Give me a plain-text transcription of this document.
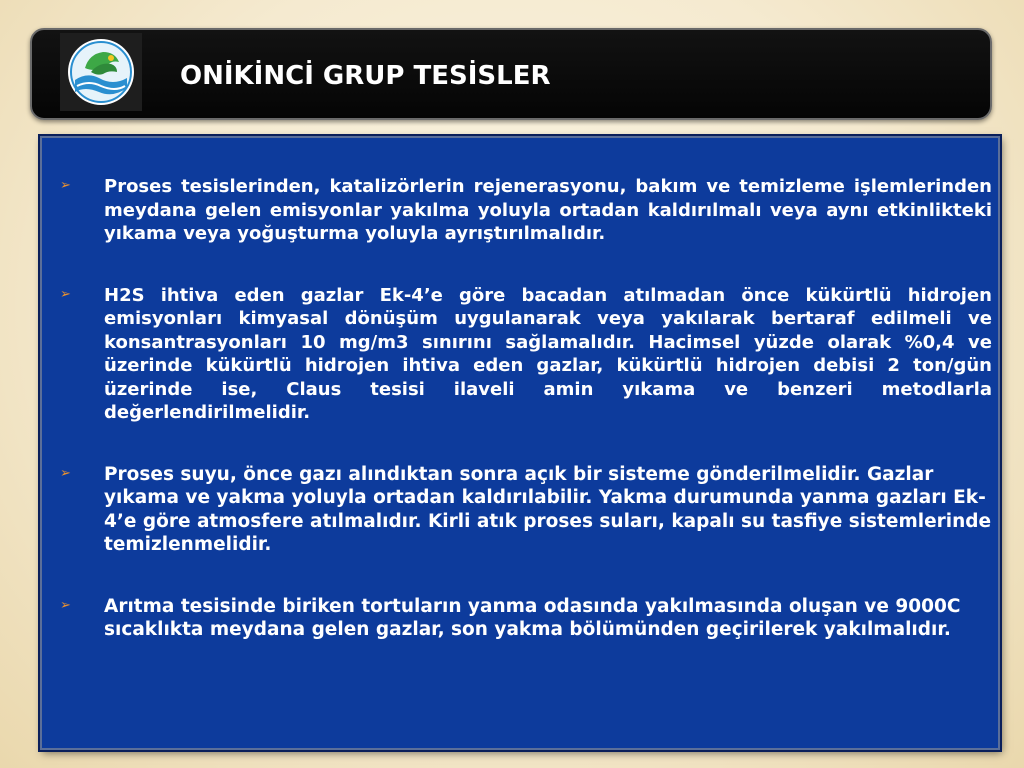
ONİKİNCİ GRUP TESİSLER
➢ Proses tesislerinden, katalizörlerin rejenerasyonu, bakım ve temizleme işlemlerinden meydana gelen emisyonlar yakılma yoluyla ortadan kaldırılmalı veya aynı etkinlikteki yıkama veya yoğuşturma yoluyla ayrıştırılmalıdır.
➢ H2S ihtiva eden gazlar Ek-4’e göre bacadan atılmadan önce kükürtlü hidrojen emisyonları kimyasal dönüşüm uygulanarak veya yakılarak bertaraf edilmeli ve konsantrasyonları 10 mg/m3 sınırını sağlamalıdır. Hacimsel yüzde olarak %0,4 ve üzerinde kükürtlü hidrojen ihtiva eden gazlar, kükürtlü hidrojen debisi 2 ton/gün üzerinde ise, Claus tesisi ilaveli amin yıkama ve benzeri metodlarla değerlendirilmelidir.
➢ Proses suyu, önce gazı alındıktan sonra açık bir sisteme gönderilmelidir. Gazlar yıkama ve yakma yoluyla ortadan kaldırılabilir. Yakma durumunda yanma gazları Ek-4’e göre atmosfere atılmalıdır. Kirli atık proses suları, kapalı su tasfiye sistemlerinde temizlenmelidir.
➢ Arıtma tesisinde biriken tortuların yanma odasında yakılmasında oluşan ve 9000C sıcaklıkta meydana gelen gazlar, son yakma bölümünden geçirilerek yakılmalıdır.
